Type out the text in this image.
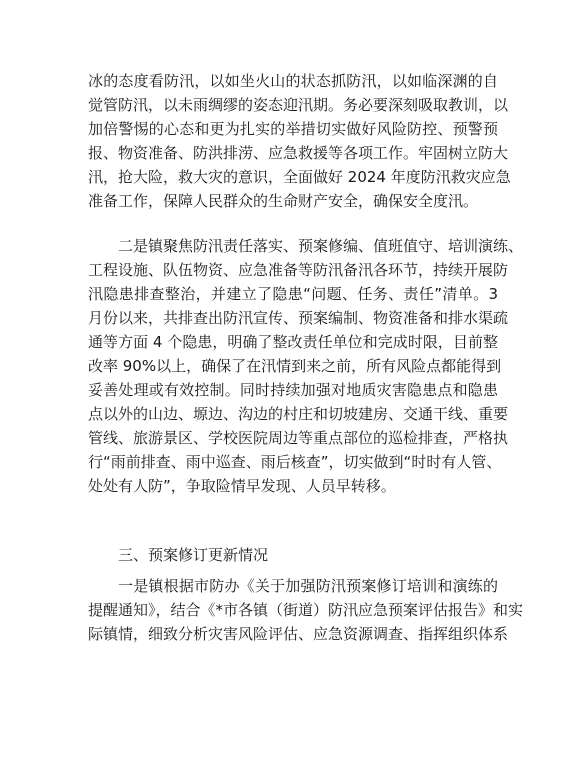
冰的态度看防汛，以如坐火山的状态抓防汛，以如临深渊的自
觉管防汛，以未雨绸缪的姿态迎汛期。务必要深刻吸取教训，以
加倍警惕的心态和更为扎实的举措切实做好风险防控、预警预
报、物资准备、防洪排涝、应急救援等各项工作。牢固树立防大
汛，抢大险，救大灾的意识，全面做好 2024 年度防汛救灾应急
准备工作，保障人民群众的生命财产安全，确保安全度汛。
二是镇聚焦防汛责任落实、预案修编、值班值守、培训演练、
工程设施、队伍物资、应急准备等防汛备汛各环节，持续开展防
汛隐患排查整治，并建立了隐患“问题、任务、责任”清单。3
月份以来，共排查出防汛宣传、预案编制、物资准备和排水渠疏
通等方面 4 个隐患，明确了整改责任单位和完成时限，目前整
改率 90%以上，确保了在汛情到来之前，所有风险点都能得到
妥善处理或有效控制。同时持续加强对地质灾害隐患点和隐患
点以外的山边、塬边、沟边的村庄和切坡建房、交通干线、重要
管线、旅游景区、学校医院周边等重点部位的巡检排查，严格执
行“雨前排查、雨中巡查、雨后核查”，切实做到“时时有人管、
处处有人防”，争取险情早发现、人员早转移。
三、预案修订更新情况
一是镇根据市防办《关于加强防汛预案修订培训和演练的
提醒通知》，结合《*市各镇（街道）防汛应急预案评估报告》和实
际镇情，细致分析灾害风险评估、应急资源调查、指挥组织体系
